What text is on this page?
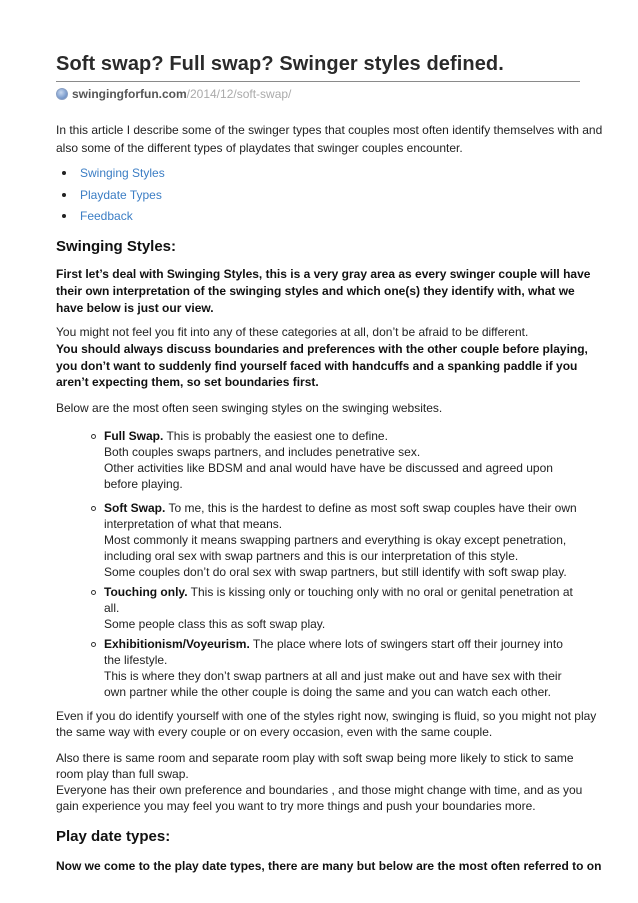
Soft swap? Full swap? Swinger styles defined.
swingingforfun.com /2014/12/soft-swap/
In this article I describe some of the swinger types that couples most often identify themselves with and
also some of the different types of playdates that swinger couples encounter.
Swinging Styles
Playdate Types
Feedback
Swinging Styles:
First let’s deal with Swinging Styles, this is a very gray area as every swinger couple will have
their own interpretation of the swinging styles and which one(s) they identify with, what we
have below is just our view.
You might not feel you fit into any of these categories at all, don’t be afraid to be different.
You should always discuss boundaries and preferences with the other couple before playing,
you don’t want to suddenly find yourself faced with handcuffs and a spanking paddle if you
aren’t expecting them, so set boundaries first.
Below are the most often seen swinging styles on the swinging websites.
Full Swap. This is probably the easiest one to define.
Both couples swaps partners, and includes penetrative sex.
Other activities like BDSM and anal would have have be discussed and agreed upon
before playing.
Soft Swap. To me, this is the hardest to define as most soft swap couples have their own
interpretation of what that means.
Most commonly it means swapping partners and everything is okay except penetration,
including oral sex with swap partners and this is our interpretation of this style.
Some couples don’t do oral sex with swap partners, but still identify with soft swap play.
Touching only. This is kissing only or touching only with no oral or genital penetration at
all.
Some people class this as soft swap play.
Exhibitionism/Voyeurism. The place where lots of swingers start off their journey into
the lifestyle.
This is where they don’t swap partners at all and just make out and have sex with their
own partner while the other couple is doing the same and you can watch each other.
Even if you do identify yourself with one of the styles right now, swinging is fluid, so you might not play
the same way with every couple or on every occasion, even with the same couple.
Also there is same room and separate room play with soft swap being more likely to stick to same
room play than full swap.
Everyone has their own preference and boundaries , and those might change with time, and as you
gain experience you may feel you want to try more things and push your boundaries more.
Play date types:
Now we come to the play date types, there are many but below are the most often referred to on
